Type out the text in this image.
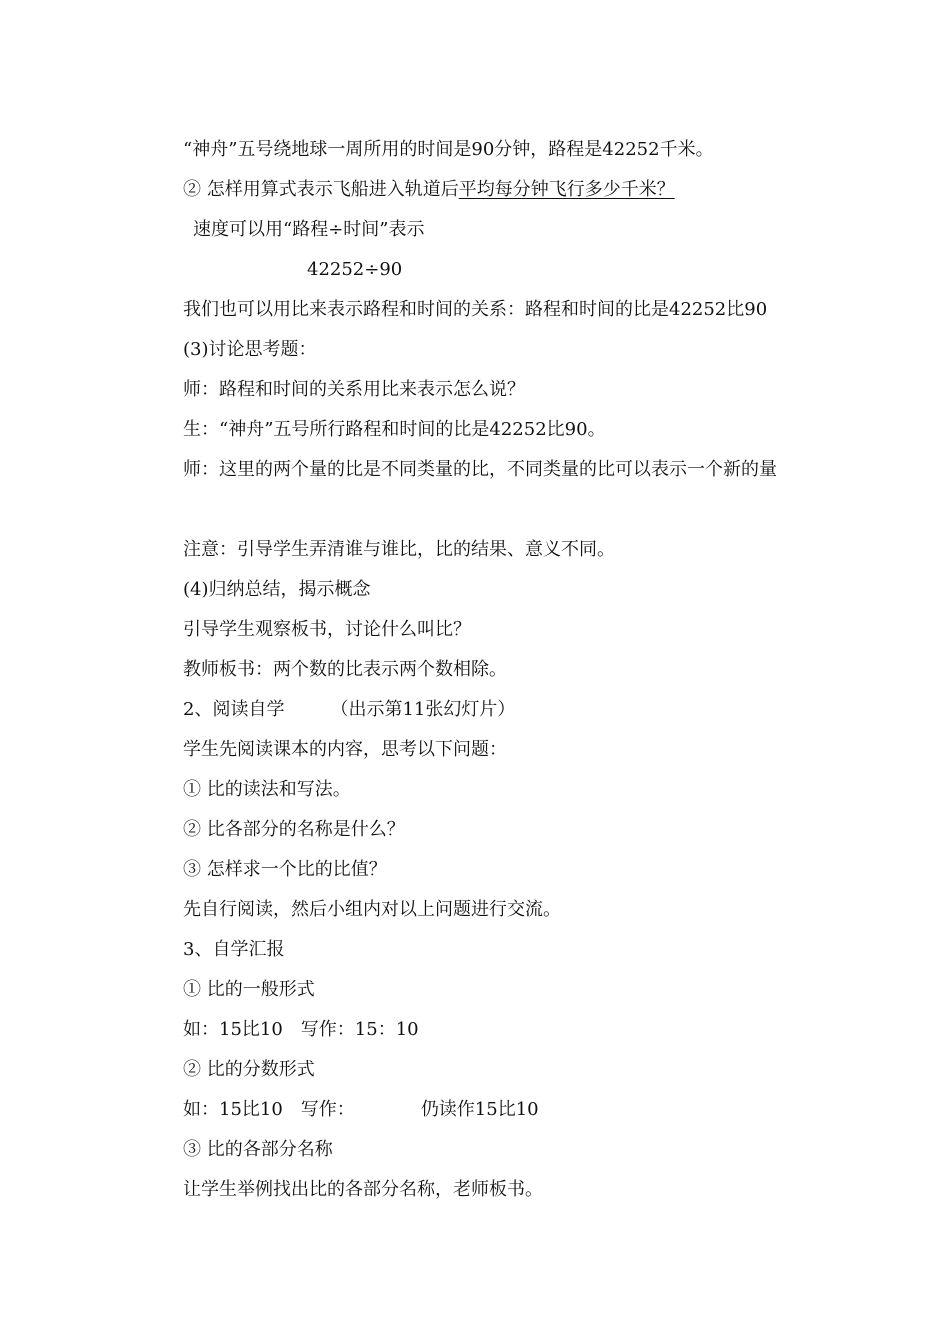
“神舟”五号绕地球一周所用的时间是90分钟，路程是42252千米。
② 怎样用算式表示飞船进入轨道后平均每分钟飞行多少千米？
速度可以用“路程÷时间”表示
42252÷90
我们也可以用比来表示路程和时间的关系：路程和时间的比是42252比90
(3)讨论思考题：
师：路程和时间的关系用比来表示怎么说？
生：“神舟”五号所行路程和时间的比是42252比90。
师：这里的两个量的比是不同类量的比，不同类量的比可以表示一个新的量
注意：引导学生弄清谁与谁比，比的结果、意义不同。
(4)归纳总结，揭示概念
引导学生观察板书，讨论什么叫比？
教师板书：两个数的比表示两个数相除。
2、阅读自学	（出示第11张幻灯片）
学生先阅读课本的内容，思考以下问题：
① 比的读法和写法。
② 比各部分的名称是什么？
③ 怎样求一个比的比值？
先自行阅读，然后小组内对以上问题进行交流。
3、自学汇报
① 比的一般形式
如：15比10　写作：15：10
② 比的分数形式
如：15比10　写作：	仍读作15比10
③ 比的各部分名称
让学生举例找出比的各部分名称，老师板书。
